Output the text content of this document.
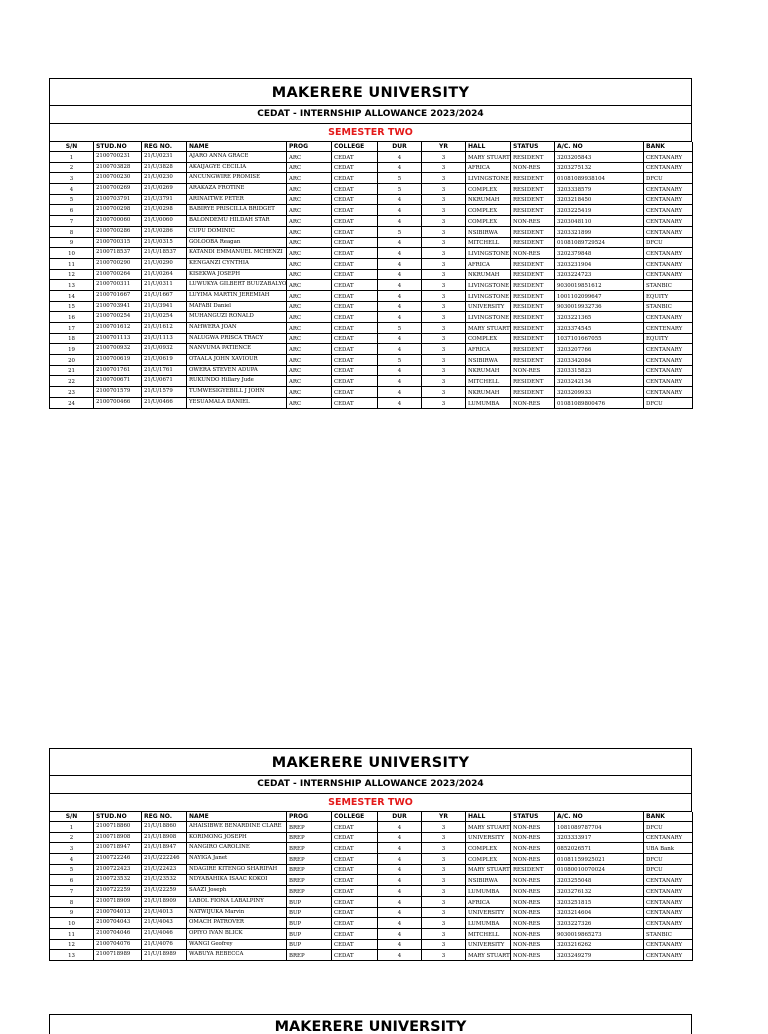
MAKERERE UNIVERSITY
CEDAT - INTERNSHIP ALLOWANCE 2023/2024
SEMESTER TWO
S/N	STUD.NO	REG NO.	NAME	PROG	COLLEGE	DUR	YR	HALL	STATUS	A/C. NO	BANK
1	2100700231	21/U/0231	AJARO ANNA GRACE	ARC	CEDAT	4	3	MARY STUART	RESIDENT	3203205843	CENTANARY
2	2100703828	21/U/3828	AKAIJAGYE CECILIA	ARC	CEDAT	4	3	AFRICA	NON-RES	3203275132	CENTANARY
3	2100700230	21/U/0230	ANCUNGWIRE PROMISE	ARC	CEDAT	5	3	LIVINGSTONE	RESIDENT	01081089938104	DFCU
4	2100700269	21/U/0269	ARAKAZA FROTINE	ARC	CEDAT	5	3	COMPLEX	RESIDENT	3203338579	CENTANARY
5	2100703791	21/U/3791	ARINAITWE PETER	ARC	CEDAT	4	3	NKRUMAH	RESIDENT	3203218450	CENTANARY
6	2100700298	21/U/0298	BABIRYE PRISCILLA BRIDGET	ARC	CEDAT	4	3	COMPLEX	RESIDENT	3203225419	CENTANARY
7	2100700060	21/U/0060	BALONDEMU HILDAH STAR	ARC	CEDAT	4	3	COMPLEX	NON-RES	3203048110	CENTANARY
8	2100700286	21/U/0286	CUPU DOMINIC	ARC	CEDAT	5	3	NSIBIRWA	RESIDENT	3203321899	CENTANARY
9	2100700315	21/U/0315	GOLOOBA Reagan	ARC	CEDAT	4	3	MITCHELL	RESIDENT	01081089729524	DFCU
10	2100718537	21/U/18537	KATANDI EMMANUEL MCHENZI	ARC	CEDAT	4	3	LIVINGSTONE	NON-RES	3202379848	CENTANARY
11	2100700290	21/U/0290	KENGANZI CYNTHIA	ARC	CEDAT	4	3	AFRICA	RESIDENT	3203231904	CENTANARY
12	2100700264	21/U/0264	KISEKWA JOSEPH	ARC	CEDAT	4	3	NKRUMAH	RESIDENT	3203224723	CENTANARY
13	2100700311	21/U/0311	LUWUKYA GILBERT BUUZABALYO	ARC	CEDAT	4	3	LIVINGSTONE	RESIDENT	9030019851612	STANBIC
14	2100701667	21/U/1667	LUYIMA MARTIN JEREMIAH	ARC	CEDAT	4	3	LIVINGSTONE	RESIDENT	1001102099647	EQUITY
15	2100703941	21/U/3941	MAFABI Daniel	ARC	CEDAT	4	3	UNIVERSITY	RESIDENT	9030019932736	STANBIC
16	2100700254	21/U/0254	MUHANGUZI RONALD	ARC	CEDAT	4	3	LIVINGSTONE	RESIDENT	3203221365	CENTANARY
17	2100701612	21/U/1612	NAHWERA JOAN	ARC	CEDAT	5	3	MARY STUART	RESIDENT	3203374545	CENTENARY
18	2100701113	21/U/1113	NALUGWA PRISCA TRACY	ARC	CEDAT	4	3	COMPLEX	RESIDENT	1037101667055	EQUITY
19	2100700932	21/U/0932	NANVUMA PATIENCE	ARC	CEDAT	4	3	AFRICA	RESIDENT	3203207766	CENTANARY
20	2100700619	21/U/0619	OTAALA JOHN XAVIOUR	ARC	CEDAT	5	3	NSIBIRWA	RESIDENT	3203342084	CENTANARY
21	2100701761	21/U/1761	OWERA STEVEN ADUPA	ARC	CEDAT	4	3	NKRUMAH	NON-RES	3203315823	CENTANARY
22	2100700671	21/U/0671	RUKUNDO Hillary Jude	ARC	CEDAT	4	3	MITCHELL	RESIDENT	3203242134	CENTANARY
23	2100701579	21/U/1579	TUMWESIGYEBILL J JOHN	ARC	CEDAT	4	3	NKRUMAH	RESIDENT	3203209933	CENTANARY
24	2100700466	21/U/0466	YESUAMALA DANIEL	ARC	CEDAT	4	3	LUMUMBA	NON-RES	01081089800476	DFCU
MAKERERE UNIVERSITY
CEDAT - INTERNSHIP ALLOWANCE 2023/2024
SEMESTER TWO
S/N	STUD.NO	REG NO.	NAME	PROG	COLLEGE	DUR	YR	HALL	STATUS	A/C. NO	BANK
1	2100718860	21/U/18860	AHAISIBWE BENARDINE CLARE	BREP	CEDAT	4	3	MARY STUART	NON-RES	1081089787704	DFCU
2	2100718908	21/U/18908	KORIMONG JOSEPH	BREP	CEDAT	4	3	UNIVERSITY	NON-RES	3203333917	CENTANARY
3	2100718947	21/U/18947	NANGIRO CAROLINE	BREP	CEDAT	4	3	COMPLEX	NON-RES	0852026571	UBA Bank
4	2100722246	21/U/222246	NAYIGA Janet	BREP	CEDAT	4	3	COMPLEX	NON-RES	01081159925021	DFCU
5	2100722423	21/U/22423	NDAGIRE KITENGO SHARIFAH	BREP	CEDAT	4	3	MARY STUART	RESIDENT	01080010070024	DFCU
6	2100723532	21/U/23532	NDYABAHIKA ISAAC KOKOI	BREP	CEDAT	4	3	NSIBIRWA	NON-RES	3203255048	CENTANARY
7	2100722259	21/U/22259	SAAZI Joseph	BREP	CEDAT	4	3	LUMUMBA	NON-RES	3203276132	CENTANARY
8	2100718909	21/U/18909	LABOL FIONA LABALPINY	BUP	CEDAT	4	3	AFRICA	NON-RES	3203251815	CENTANARY
9	2100704013	21/U/4013	NATWIJUKA Marvin	BUP	CEDAT	4	3	UNIVERSITY	NON-RES	3203214604	CENTANARY
10	2100704043	21/U/4043	OMACH PATROVER	BUP	CEDAT	4	3	LUMUMBA	NON-RES	3203227326	CENTANARY
11	2100704046	21/U/4046	OPIYO IVAN BLICK	BUP	CEDAT	4	3	MITCHELL	NON-RES	9030019865273	STANBIC
12	2100704076	21/U/4076	WANGI Geofrey	BUP	CEDAT	4	3	UNIVERSITY	NON-RES	3203216262	CENTANARY
13	2100718989	21/U/18989	WABUYA REBECCA	BREP	CEDAT	4	3	MARY STUART	NON-RES	3203249279	CENTANARY
MAKERERE UNIVERSITY
